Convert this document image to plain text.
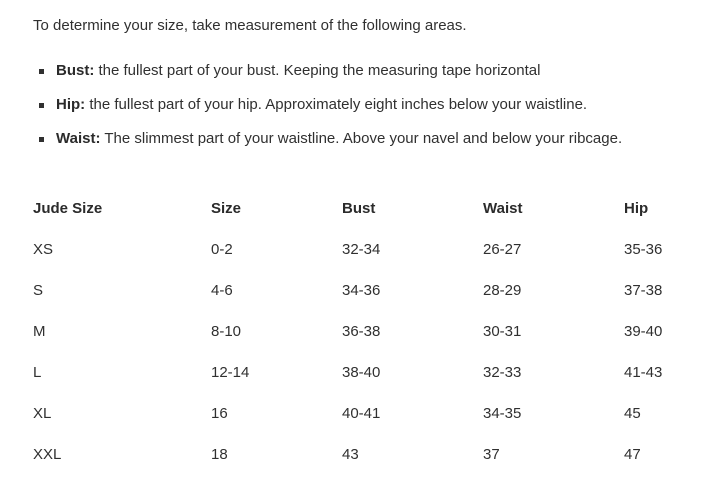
To determine your size, take measurement of the following areas.

Bust: the fullest part of your bust. Keeping the measuring tape horizontal
Hip: the fullest part of your hip. Approximately eight inches below your waistline.
Waist: The slimmest part of your waistline. Above your navel and below your ribcage.
Jude Size	Size	Bust	Waist	Hip
XS	0-2	32-34	26-27	35-36
S	4-6	34-36	28-29	37-38
M	8-10	36-38	30-31	39-40
L	12-14	38-40	32-33	41-43
XL	16	40-41	34-35	45
XXL	18	43	37	47
